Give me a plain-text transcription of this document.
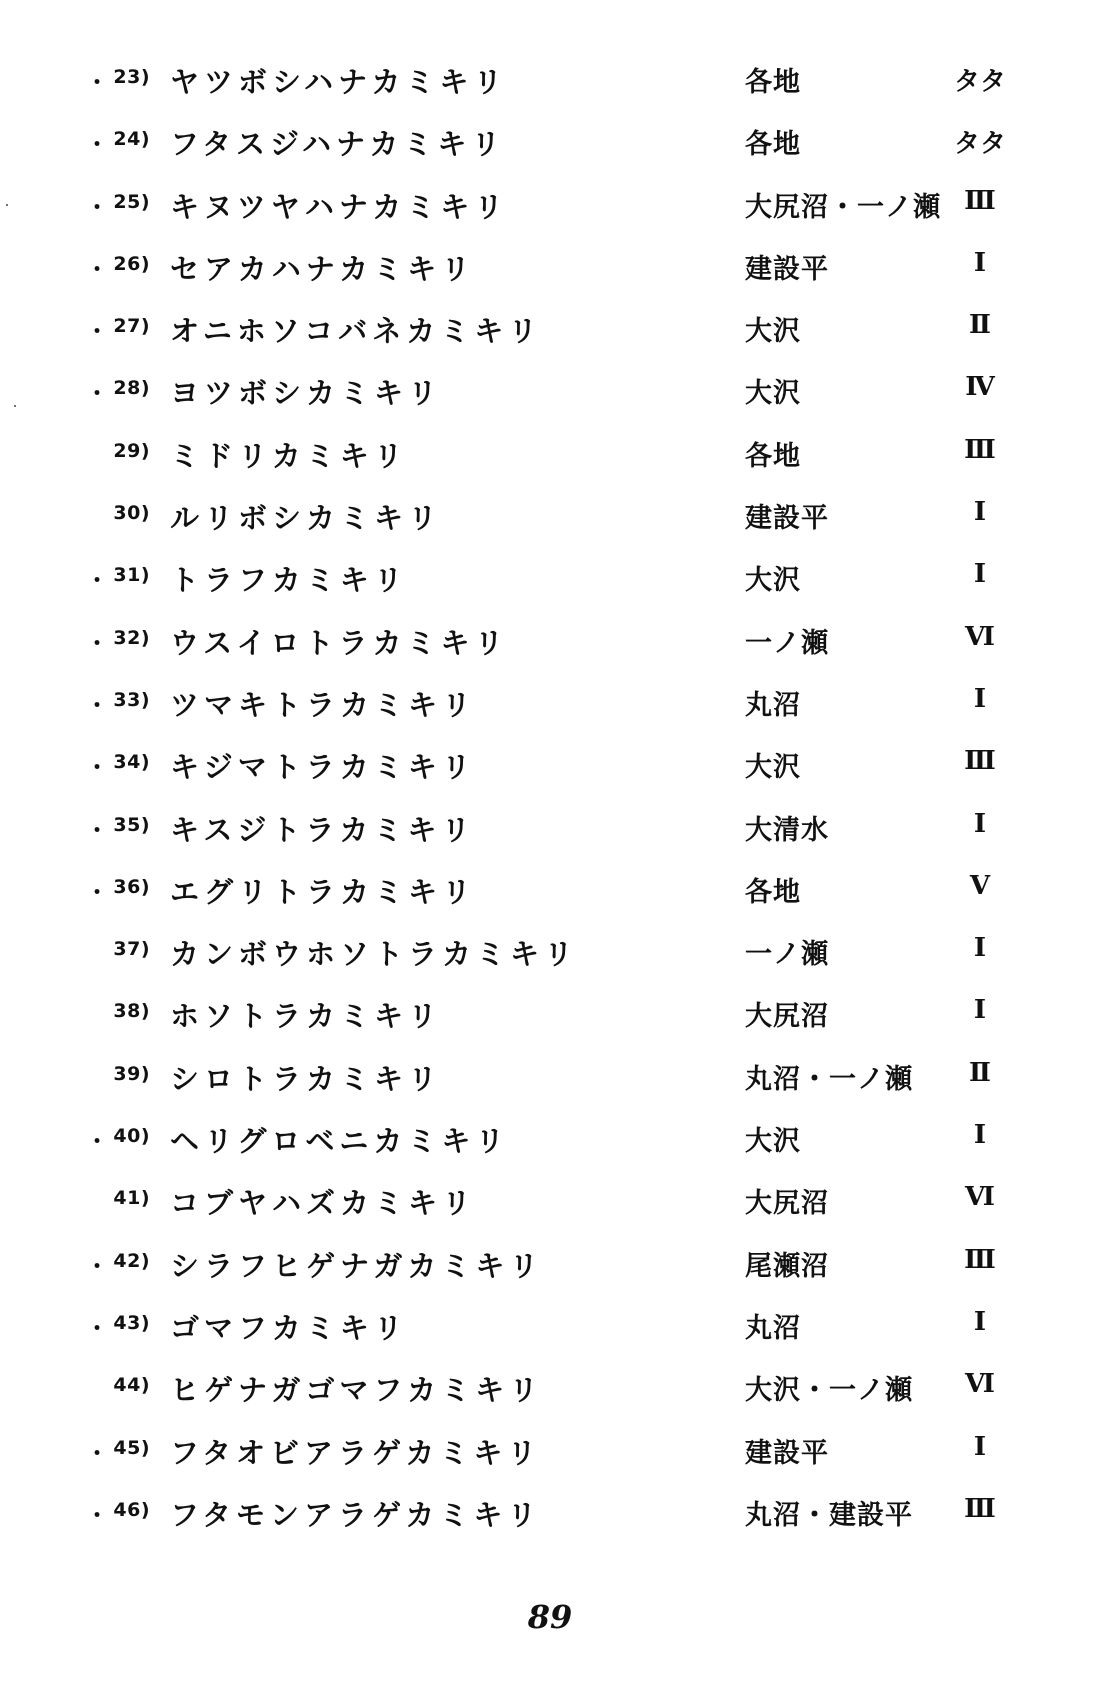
・ 23) ヤツボシハナカミキリ	各地	タタ
・ 24) フタスジハナカミキリ	各地	タタ
・ 25) キヌツヤハナカミキリ	大尻沼・一ノ瀬 Ⅲ
・ 26) セアカハナカミキリ	建設平	Ⅰ
・ 27) オニホソコバネカミキリ	大沢	Ⅱ
・ 28) ヨツボシカミキリ	大沢	Ⅳ
29) ミドリカミキリ	各地	Ⅲ
30) ルリボシカミキリ	建設平	Ⅰ
・ 31) トラフカミキリ	大沢	Ⅰ
・ 32) ウスイロトラカミキリ	一ノ瀬	Ⅵ
・ 33) ツマキトラカミキリ	丸沼	Ⅰ
・ 34) キジマトラカミキリ	大沢	Ⅲ
・ 35) キスジトラカミキリ	大清水	Ⅰ
・ 36) エグリトラカミキリ	各地	Ⅴ
37) カンボウホソトラカミキリ	一ノ瀬	Ⅰ
38) ホソトラカミキリ	大尻沼	Ⅰ
39) シロトラカミキリ	丸沼・一ノ瀬	Ⅱ
・ 40) ヘリグロベニカミキリ	大沢	Ⅰ
41) コブヤハズカミキリ	大尻沼	Ⅵ
・ 42) シラフヒゲナガカミキリ	尾瀬沼	Ⅲ
・ 43) ゴマフカミキリ	丸沼	Ⅰ
44) ヒゲナガゴマフカミキリ	大沢・一ノ瀬	Ⅵ
・ 45) フタオビアラゲカミキリ	建設平	Ⅰ
・ 46) フタモンアラゲカミキリ	丸沼・建設平	Ⅲ
89
